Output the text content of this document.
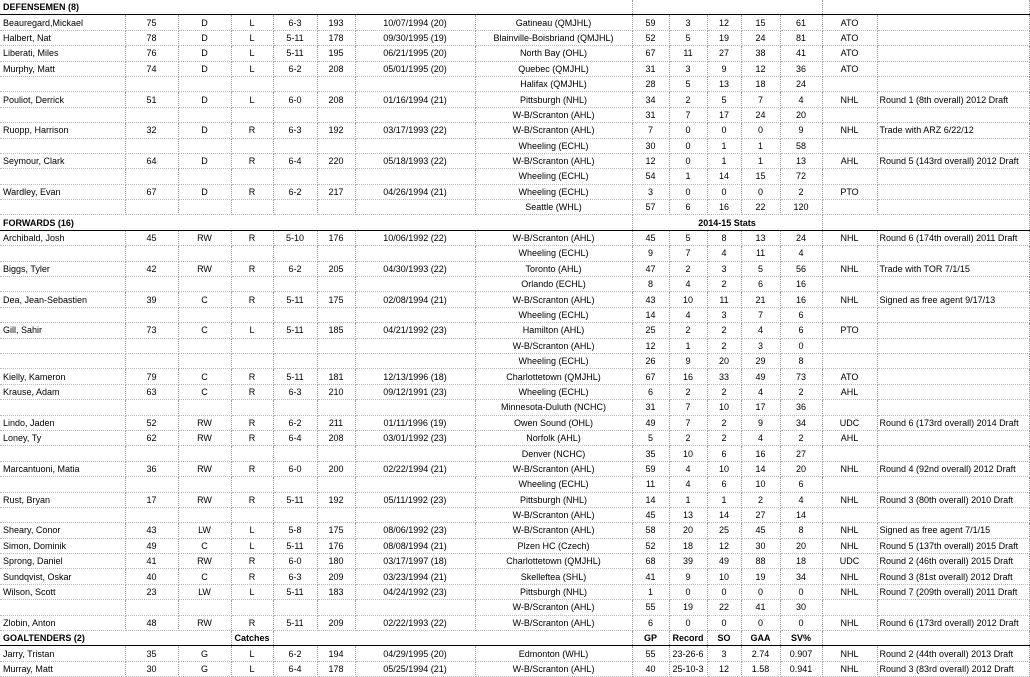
DEFENSEMEN (8)														
Beauregard,Mickael	75	D	L	6-3	193	10/07/1994 (20)	Gatineau (QMJHL)	59	3	12	15	61	ATO	
Halbert, Nat	78	D	L	5-11	178	09/30/1995 (19)	Blainville-Boisbriand (QMJHL)	52	5	19	24	81	ATO	
Liberati, Miles	76	D	L	5-11	195	06/21/1995 (20)	North Bay (OHL)	67	11	27	38	41	ATO	
Murphy, Matt	74	D	L	6-2	208	05/01/1995 (20)	Quebec (QMJHL)	31	3	9	12	36	ATO	
							Halifax (QMJHL)	28	5	13	18	24		
Pouliot, Derrick	51	D	L	6-0	208	01/16/1994 (21)	Pittsburgh (NHL)	34	2	5	7	4	NHL	Round 1 (8th overall) 2012 Draft
							W-B/Scranton (AHL)	31	7	17	24	20		
Ruopp, Harrison	32	D	R	6-3	192	03/17/1993 (22)	W-B/Scranton (AHL)	7	0	0	0	9	NHL	Trade with ARZ 6/22/12
							Wheeling (ECHL)	30	0	1	1	58		
Seymour, Clark	64	D	R	6-4	220	05/18/1993 (22)	W-B/Scranton (AHL)	12	0	1	1	13	AHL	Round 5 (143rd overall) 2012 Draft
							Wheeling (ECHL)	54	1	14	15	72		
Wardley, Evan	67	D	R	6-2	217	04/26/1994 (21)	Wheeling (ECHL)	3	0	0	0	2	PTO	
							Seattle (WHL)	57	6	16	22	120		
FORWARDS (16)								2014-15 Stats						
Archibald, Josh	45	RW	R	5-10	176	10/06/1992 (22)	W-B/Scranton (AHL)	45	5	8	13	24	NHL	Round 6 (174th overall) 2011 Draft
							Wheeling (ECHL)	9	7	4	11	4		
Biggs, Tyler	42	RW	R	6-2	205	04/30/1993 (22)	Toronto (AHL)	47	2	3	5	56	NHL	Trade with TOR 7/1/15
							Orlando (ECHL)	8	4	2	6	16		
Dea, Jean-Sebastien	39	C	R	5-11	175	02/08/1994 (21)	W-B/Scranton (AHL)	43	10	11	21	16	NHL	Signed as free agent 9/17/13
							Wheeling (ECHL)	14	4	3	7	6		
Gill, Sahir	73	C	L	5-11	185	04/21/1992 (23)	Hamilton (AHL)	25	2	2	4	6	PTO	
							W-B/Scranton (AHL)	12	1	2	3	0		
							Wheeling (ECHL)	26	9	20	29	8		
Kielly, Kameron	79	C	R	5-11	181	12/13/1996 (18)	Charlottetown (QMJHL)	67	16	33	49	73	ATO	
Krause, Adam	63	C	R	6-3	210	09/12/1991 (23)	Wheeling (ECHL)	6	2	2	4	2	AHL	
							Minnesota-Duluth (NCHC)	31	7	10	17	36		
Lindo, Jaden	52	RW	R	6-2	211	01/11/1996 (19)	Owen Sound (OHL)	49	7	2	9	34	UDC	Round 6 (173rd overall) 2014 Draft
Loney, Ty	62	RW	R	6-4	208	03/01/1992 (23)	Norfolk (AHL)	5	2	2	4	2	AHL	
							Denver (NCHC)	35	10	6	16	27		
Marcantuoni, Matia	36	RW	R	6-0	200	02/22/1994 (21)	W-B/Scranton (AHL)	59	4	10	14	20	NHL	Round 4 (92nd overall) 2012 Draft
							Wheeling (ECHL)	11	4	6	10	6		
Rust, Bryan	17	RW	R	5-11	192	05/11/1992 (23)	Pittsburgh (NHL)	14	1	1	2	4	NHL	Round 3 (80th overall) 2010 Draft
							W-B/Scranton (AHL)	45	13	14	27	14		
Sheary, Conor	43	LW	L	5-8	175	08/06/1992 (23)	W-B/Scranton (AHL)	58	20	25	45	8	NHL	Signed as free agent 7/1/15
Simon, Dominik	49	C	L	5-11	176	08/08/1994 (21)	Plzen HC (Czech)	52	18	12	30	20	NHL	Round 5 (137th overall) 2015 Draft
Sprong, Daniel	41	RW	R	6-0	180	03/17/1997 (18)	Charlottetown (QMJHL)	68	39	49	88	18	UDC	Round 2 (46th overall) 2015 Draft
Sundqvist, Oskar	40	C	R	6-3	209	03/23/1994 (21)	Skelleftea (SHL)	41	9	10	19	34	NHL	Round 3 (81st overall) 2012 Draft
Wilson, Scott	23	LW	L	5-11	183	04/24/1992 (23)	Pittsburgh (NHL)	1	0	0	0	0	NHL	Round 7 (209th overall) 2011 Draft
							W-B/Scranton (AHL)	55	19	22	41	30		
Zlobin, Anton	48	RW	R	5-11	209	02/22/1993 (22)	W-B/Scranton (AHL)	6	0	0	0	0	NHL	Round 6 (173rd overall) 2012 Draft
GOALTENDERS (2)			Catches					GP	Record	SO	GAA	SV%		
Jarry, Tristan	35	G	L	6-2	194	04/29/1995 (20)	Edmonton (WHL)	55	23-26-6	3	2.74	0.907	NHL	Round 2 (44th overall) 2013 Draft
Murray, Matt	30	G	L	6-4	178	05/25/1994 (21)	W-B/Scranton (AHL)	40	25-10-3	12	1.58	0.941	NHL	Round 3 (83rd overall) 2012 Draft
